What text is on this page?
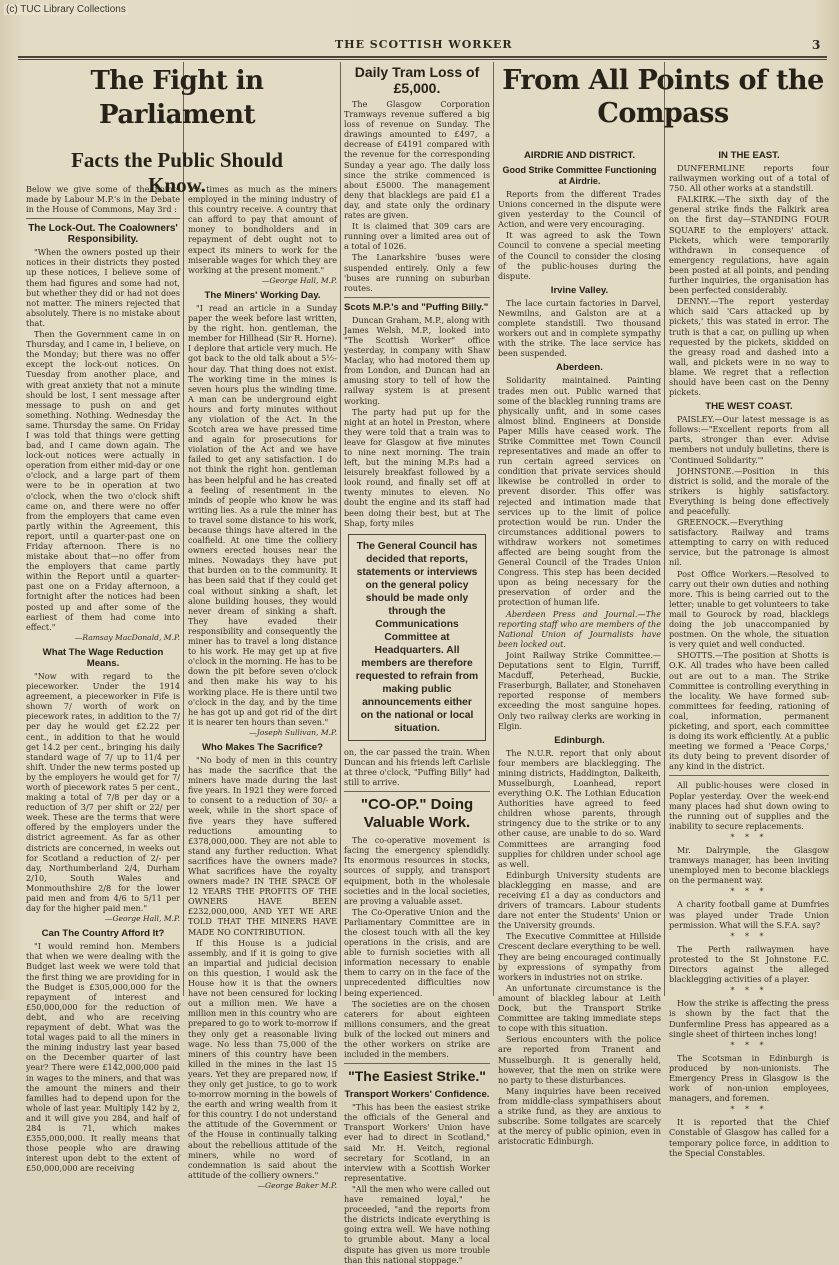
(c) TUC Library Collections
THE SCOTTISH WORKER	3
The Fight in Parliament
Facts the Public Should Know.

Below we give some of the points made by Labour M.P.'s in the Debate in the House of Commons, May 3rd :

The Lock-Out. The Coalowners' Responsibility.

"When the owners posted up their notices in their districts they posted up these notices, I believe some of them had figures and some had not, but whether they did or had not does not matter. The miners rejected that absolutely. There is no mistake about that.

Then the Government came in on Thursday, and I came in, I believe, on the Monday; but there was no offer except the lock-out notices. On Tuesday from another place, and with great anxiety that not a minute should be lost, I sent message after message to push on and get something. Nothing. Wednesday the same. Thursday the same. On Friday I was told that things were getting bad, and I came down again. The lock-out notices were actually in operation from either mid-day or one o'clock, and a large part of them were to be in operation at two o'clock, when the two o'clock shift came on, and there were no offer from the employers that came even partly within the Agreement, this report, until a quarter-past one on Friday afternoon. There is no mistake about that—no offer from the employers that came partly within the Report until a quarter-past one on a Friday afternoon, a fortnight after the notices had been posted up and after some of the earliest of them had come into effect."

—Ramsay MacDonald, M.P.
What The Wage Reduction Means.

"Now with regard to the pieceworker. Under the 1914 agreement, a pieceworker in Fife is shown 7/ worth of work on piecework rates, in addition to the 7/ per day he would get £2.22 per cent., in addition to that he would get 14.2 per cent., bringing his daily standard wage of 7/ up to 11/4 per shift. Under the new terms posted up by the employers he would get for 7/ worth of piecework rates 5 per cent., making a total of 7/8 per day or a reduction of 3/7 per shift or 22/ per week. These are the terms that were offered by the employers under the district agreement. As far as other districts are concerned, in weeks out for Scotland a reduction of 2/- per day, Northumberland 2/4, Durham 2/10, South Wales and Monmouthshire 2/8 for the lower paid men and from 4/6 to 5/11 per day for the higher paid men."

—George Hall, M.P.
Can The Country Afford It?

"I would remind hon. Members that when we were dealing with the Budget last week we were told that the first thing we are providing for in the Budget is £305,000,000 for the repayment of interest and £50,000,000 for the reduction of debt, and who are receiving repayment of debt. What was the total wages paid to all the miners in the mining industry last year based on the December quarter of last year? There were £142,000,000 paid in wages to the miners, and that was the amount the miners and their families had to depend upon for the whole of last year. Multiply 142 by 2, and it will give you 284, and half of 284 is 71, which makes £355,000,000. It really means that those people who are drawing interest upon debt to the extent of £50,000,000 are receiving

2½ times as much as the miners employed in the mining industry of this country receive. A country that can afford to pay that amount of money to bondholders and in repayment of debt ought not to expect its miners to work for the miserable wages for which they are working at the present moment."

—George Hall, M.P.
The Miners' Working Day.

"I read an article in a Sunday paper the week before last written, by the right. hon. gentleman, the member for Hillhead (Sir R. Horne). I deplore that article very much. He got back to the old talk about a 5½-hour day. That thing does not exist. The working time in the mines is seven hours plus the winding time. A man can be underground eight hours and forty minutes without any violation of the Act. In the Scotch area we have pressed time and again for prosecutions for violation of the Act and we have failed to get any satisfaction. I do not think the right hon. gentleman has been helpful and he has created a feeling of resentment in the minds of people who know he was writing lies. As a rule the miner has to travel some distance to his work, because things have altered in the coalfield. At one time the colliery owners erected houses near the mines. Nowadays they have put that burden on to the community. It has been said that if they could get coal without sinking a shaft, let alone building houses, they would never dream of sinking a shaft. They have evaded their responsibility and consequently the miner has to travel a long distance to his work. He may get up at five o'clock in the morning. He has to be down the pit before seven o'clock and then make his way to his working place. He is there until two o'clock in the day, and by the time he has got up and got rid of the dirt it is nearer ten hours than seven."

—Joseph Sullivan, M.P.
Who Makes The Sacrifice?

"No body of men in this country has made the sacrifice that the miners have made during the last five years. In 1921 they were forced to consent to a reduction of 30/- a week, while in the short space of five years they have suffered reductions amounting to £378,000,000. They are not able to stand any further reduction. What sacrifices have the owners made? What sacrifices have the royalty owners made? IN THE SPACE OF 12 YEARS THE PROFITS OF THE OWNERS HAVE BEEN £232,000,000, AND YET WE ARE TOLD THAT THE MINERS HAVE MADE NO CONTRIBUTION.

If this House is a judicial assembly, and if it is going to give an impartial and judicial decision on this question, I would ask the House how it is that the owners have not been censured for locking out a million men. We have a million men in this country who are prepared to go to work to-morrow if they only get a reasonable living wage. No less than 75,000 of the miners of this country have been killed in the mines in the last 15 years. Yet they are prepared now, if they only get justice, to go to work to-morrow morning in the bowels of the earth and wring wealth from it for this country. I do not understand the attitude of the Government or of the House in continually talking about the rebellious attitude of the miners, while no word of condemnation is said about the attitude of the colliery owners."

—George Baker M.P.
Daily Tram Loss of £5,000.

The Glasgow Corporation Tramways revenue suffered a big loss of revenue on Sunday. The drawings amounted to £497, a decrease of £4191 compared with the revenue for the corresponding Sunday a year ago. The daily loss since the strike commenced is about £5000. The management deny that blacklegs are paid £1 a day, and state only the ordinary rates are given.

It is claimed that 309 cars are running over a limited area out of a total of 1026.

The Lanarkshire 'buses were suspended entirely. Only a few 'buses are running on suburban routes.

Scots M.P.'s and "Puffing Billy."

Duncan Graham, M.P., along with James Welsh, M.P., looked into "The Scottish Worker" office yesterday, in company with Shaw Maclay, who had motored them up from London, and Duncan had an amusing story to tell of how the railway system is at present working.

The party had put up for the night at an hotel in Preston, where they were told that a train was to leave for Glasgow at five minutes to nine next morning. The train left, but the mining M.P.s had a leisurely breakfast followed by a look round, and finally set off at twenty minutes to eleven. No doubt the engine and its staff had been doing their best, but at The Shap, forty miles

The General Council has decided that reports, statements or interviews on the general policy should be made only through the Communications Committee at Headquarters. All members are therefore requested to refrain from making public announcements either on the national or local situation.

on, the car passed the train. When Duncan and his friends left Carlisle at three o'clock, "Puffing Billy" had still to arrive.

"CO-OP." Doing Valuable Work.

The co-operative movement is facing the emergency splendidly. Its enormous resources in stocks, sources of supply, and transport equipment, both in the wholesale societies and in the local societies, are proving a valuable asset.

The Co-Operative Union and the Parliamentary Committee are in the closest touch with all the key operations in the crisis, and are able to furnish societies with all information necessary to enable them to carry on in the face of the unprecedented difficulties now being experienced.

The societies are on the chosen caterers for about eighteen millions consumers, and the great bulk of the locked out miners and the other workers on strike are included in the members.

"The Easiest Strike."
Transport Workers' Confidence.

"This has been the easiest strike the officials of the General and Transport Workers' Union have ever had to direct in Scotland," said Mr. H. Veitch, regional secretary for Scotland, in an interview with a Scottish Worker representative.

"All the men who were called out have remained loyal," he proceeded, "and the reports from the districts indicate everything is going extra well. We have nothing to grumble about. Many a local dispute has given us more trouble than this national stoppage."

From All Points of the Compass
AIRDRIE AND DISTRICT.
Good Strike Committee Functioning at Airdrie.

Reports from the different Trades Unions concerned in the dispute were given yesterday to the Council of Action, and were very encouraging.

It was agreed to ask the Town Council to convene a special meeting of the Council to consider the closing of the public-houses during the dispute.

Irvine Valley.

The lace curtain factories in Darvel, Newmilns, and Galston are at a complete standstill. Two thousand workers out and in complete sympathy with the strike. The lace service has been suspended.

Aberdeen.

Solidarity maintained. Painting trades men out. Public warned that some of the blackleg running trams are physically unfit, and in some cases almost blind. Engineers at Donside Paper Mills have ceased work. The Strike Committee met Town Council representatives and made an offer to run certain agreed services on condition that private services should likewise be controlled in order to prevent disorder. This offer was rejected and intimation made that services up to the limit of police protection would be run. Under the circumstances additional powers to withdraw workers not sometimes affected are being sought from the General Council of the Trades Union Congress. This step has been decided upon as being necessary for the preservation of order and the protection of human life.

Aberdeen Press and Journal.—The reporting staff who are members of the National Union of Journalists have been locked out.

Joint Railway Strike Committee.—Deputations sent to Elgin, Turriff, Macduff, Peterhead, Buckie, Fraserburgh, Ballater, and Stonehaven reported response of members exceeding the most sanguine hopes. Only two railway clerks are working in Elgin.

Edinburgh.

The N.U.R. report that only about four members are blacklegging. The mining districts, Haddington, Dalkeith, Musselburgh, Loanhead, report everything O.K. The Lothian Education Authorities have agreed to feed children whose parents, through stringency due to the strike or to any other cause, are unable to do so. Ward Committees are arranging food supplies for children under school age as well.

Edinburgh University students are blacklegging en masse, and are receiving £1 a day as conductors and drivers of tramcars. Labour students dare not enter the Students' Union or the University grounds.

The Executive Committee at Hillside Crescent declare everything to be well. They are being encouraged continually by expressions of sympathy from workers in industries not on strike.

An unfortunate circumstance is the amount of blackleg labour at Leith Dock, but the Transport Strike Committee are taking immediate steps to cope with this situation.

Serious encounters with the police are reported from Tranent and Musselburgh. It is generally held, however, that the men on strike were no party to these disturbances.

Many inquiries have been received from middle-class sympathisers about a strike fund, as they are anxious to subscribe. Some tollgates are scarcely at the mercy of public opinion, even in aristocratic Edinburgh.

IN THE EAST.

DUNFERMLINE reports four railwaymen working out of a total of 750. All other works at a standstill.

FALKIRK.—The sixth day of the general strike finds the Falkirk area on the first day—STANDING FOUR SQUARE to the employers' attack. Pickets, which were temporarily withdrawn in consequence of emergency regulations, have again been posted at all points, and pending further inquiries, the organisation has been perfected considerably.

DENNY.—The report yesterday which said 'Cars attacked up by pickets,' this was stated in error. The truth is that a car, on pulling up when requested by the pickets, skidded on the greasy road and dashed into a wall, and pickets were in no way to blame. We regret that a reflection should have been cast on the Denny pickets.

THE WEST COAST.

PAISLEY.—Our latest message is as follows:—"Excellent reports from all parts, stronger than ever. Advise members not unduly bulletins, there is 'Continued Solidarity.'"

JOHNSTONE.—Position in this district is solid, and the morale of the strikers is highly satisfactory. Everything is being done effectively and peacefully.

GREENOCK.—Everything satisfactory. Railway and trams attempting to carry on with reduced service, but the patronage is almost nil.

Post Office Workers.—Resolved to carry out their own duties and nothing more. This is being carried out to the letter; unable to get volunteers to take mail to Gourock by road, blacklegs doing the job unaccompanied by postmen. On the whole, the situation is very quiet and well conducted.

SHOTTS.—The position at Shotts is O.K. All trades who have been called out are out to a man. The Strike Committee is controlling everything in the locality. We have formed sub-committees for feeding, rationing of coal, information, permanent picketing, and sport, each committee is doing its work efficiently. At a public meeting we formed a 'Peace Corps,' its duty being to prevent disorder of any kind in the district.

All public-houses were closed in Poplar yesterday. Over the week-end many places had shut down owing to the running out of supplies and the inability to secure replacements.

* * *

Mr. Dalrymple, the Glasgow tramways manager, has been inviting unemployed men to become blacklegs on the permanent way.

* * *

A charity football game at Dumfries was played under Trade Union permission. What will the S.F.A. say?

* * *

The Perth railwaymen have protested to the St Johnstone F.C. Directors against the alleged blacklegging activities of a player.

* * *

How the strike is affecting the press is shown by the fact that the Dunfermline Press has appeared as a single sheet of thirteen inches long!

* * *

The Scotsman in Edinburgh is produced by non-unionists. The Emergency Press in Glasgow is the work of non-union employees, managers, and foremen.

* * *

It is reported that the Chief Constable of Glasgow has called for a temporary police force, in addition to the Special Constables.
